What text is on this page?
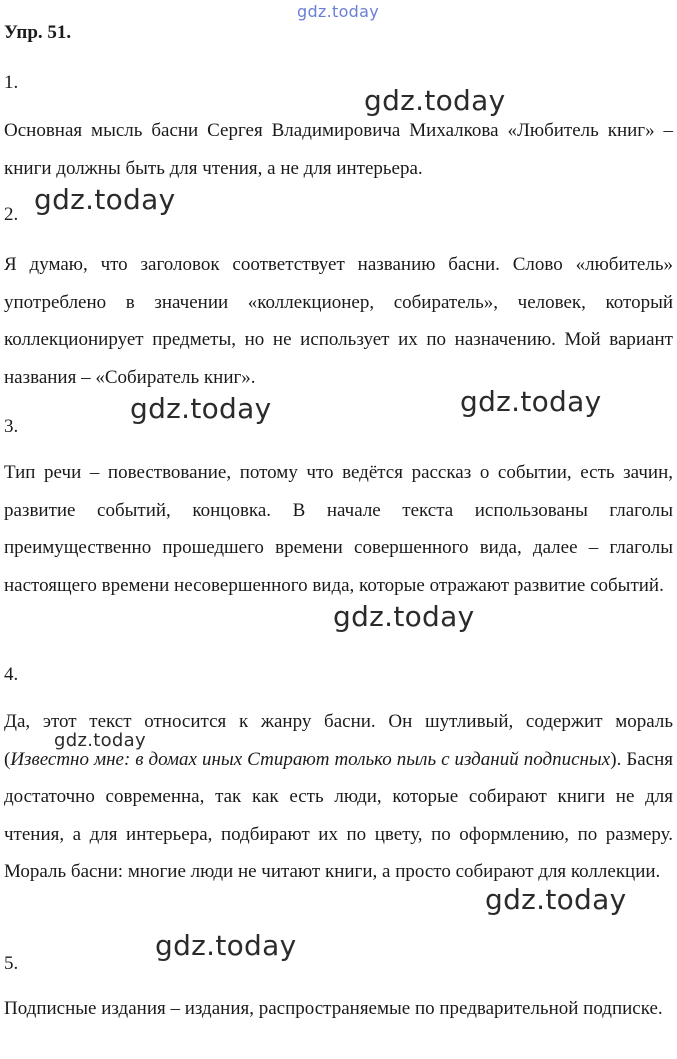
gdz.today
Упр. 51.
1.

Основная мысль басни Сергея Владимировича Михалкова «Любитель книг» – книги должны быть для чтения, а не для интерьера.

2.

Я думаю, что заголовок соответствует названию басни. Слово «любитель» употреблено в значении «коллекционер, собиратель», человек, который коллекционирует предметы, но не использует их по назначению. Мой вариант названия – «Собиратель книг».

3.

Тип речи – повествование, потому что ведётся рассказ о событии, есть зачин, развитие событий, концовка. В начале текста использованы глаголы преимущественно прошедшего времени совершенного вида, далее – глаголы настоящего времени несовершенного вида, которые отражают развитие событий.

4.

Да, этот текст относится к жанру басни. Он шутливый, содержит мораль (Известно мне: в домах иных Стирают только пыль с изданий подписных). Басня достаточно современна, так как есть люди, которые собирают книги не для чтения, а для интерьера, подбирают их по цвету, по оформлению, по размеру. Мораль басни: многие люди не читают книги, а просто собирают для коллекции.

5.

Подписные издания – издания, распространяемые по предварительной подписке.

gdz.today
gdz.today
gdz.today	gdz.today
gdz.today
gdz.today
gdz.today
gdz.today
